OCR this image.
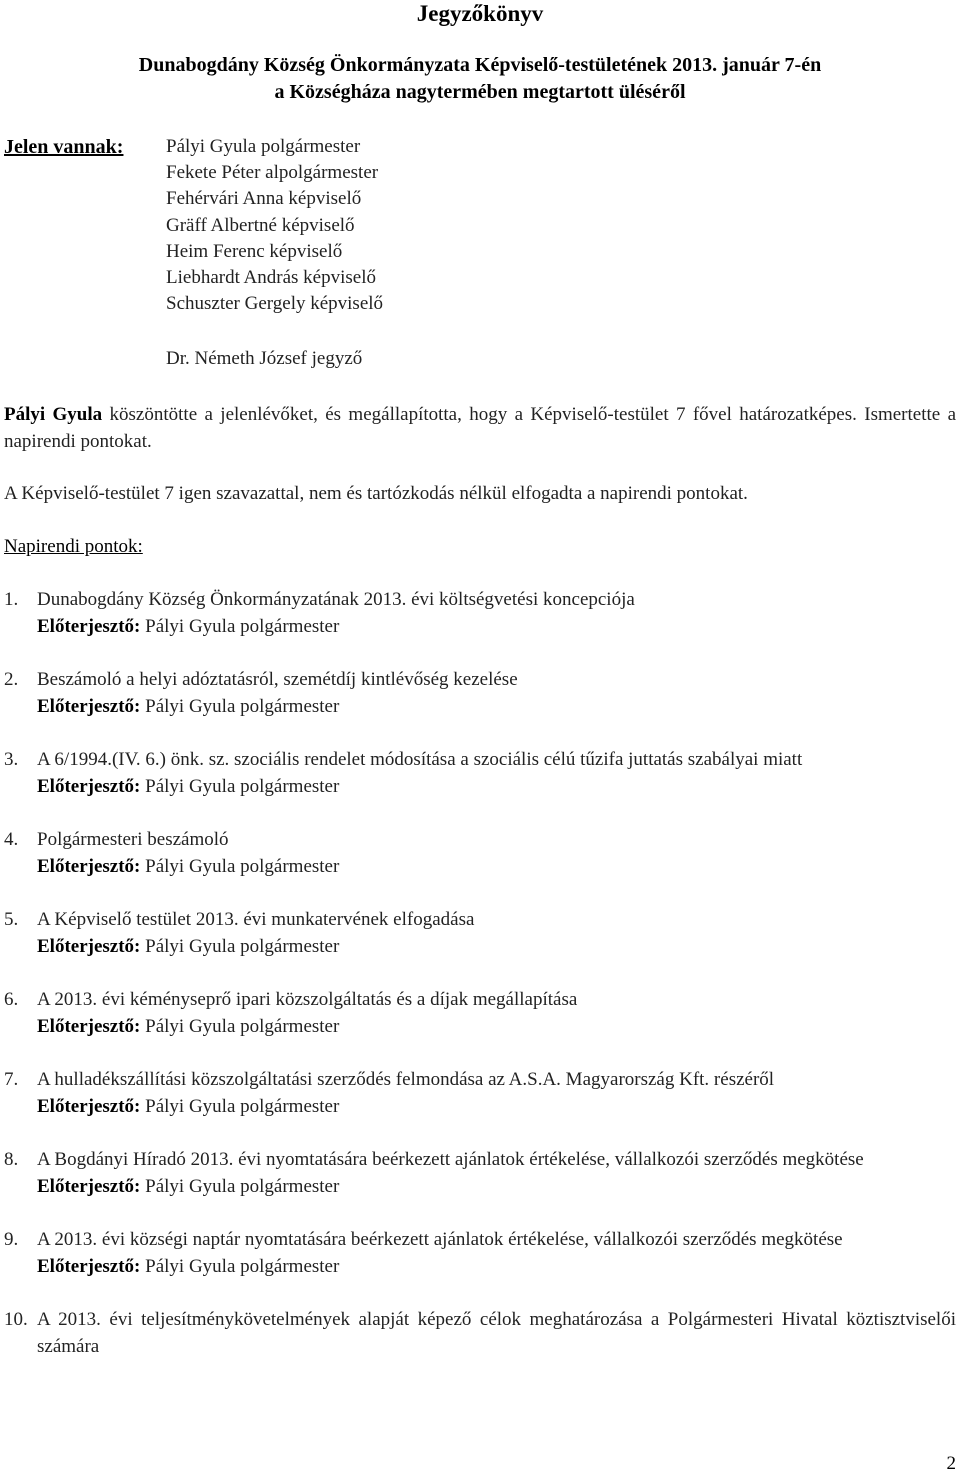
Jegyzőkönyv
Dunabogdány Község Önkormányzata Képviselő-testületének 2013. január 7-én
a Községháza nagytermében megtartott üléséről
Jelen vannak: Pályi Gyula polgármester
Fekete Péter alpolgármester
Fehérvári Anna képviselő
Gräff Albertné képviselő
Heim Ferenc képviselő
Liebhardt András képviselő
Schuszter Gergely képviselő
Dr. Németh József jegyző
Pályi Gyula köszöntötte a jelenlévőket, és megállapította, hogy a Képviselő-testület 7 fővel határozatképes. Ismertette a napirendi pontokat.
A Képviselő-testület 7 igen szavazattal, nem és tartózkodás nélkül elfogadta a napirendi pontokat.
Napirendi pontok:
1. Dunabogdány Község Önkormányzatának 2013. évi költségvetési koncepciója
Előterjesztő: Pályi Gyula polgármester
2. Beszámoló a helyi adóztatásról, szemétdíj kintlévőség kezelése
Előterjesztő: Pályi Gyula polgármester
3. A 6/1994.(IV. 6.) önk. sz. szociális rendelet módosítása a szociális célú tűzifa juttatás szabályai miatt
Előterjesztő: Pályi Gyula polgármester
4. Polgármesteri beszámoló
Előterjesztő: Pályi Gyula polgármester
5. A Képviselő testület 2013. évi munkatervének elfogadása
Előterjesztő: Pályi Gyula polgármester
6. A 2013. évi kéményseprő ipari közszolgáltatás és a díjak megállapítása
Előterjesztő: Pályi Gyula polgármester
7. A hulladékszállítási közszolgáltatási szerződés felmondása az A.S.A. Magyarország Kft. részéről
Előterjesztő: Pályi Gyula polgármester
8. A Bogdányi Híradó 2013. évi nyomtatására beérkezett ajánlatok értékelése, vállalkozói szerződés megkötése
Előterjesztő: Pályi Gyula polgármester
9. A 2013. évi községi naptár nyomtatására beérkezett ajánlatok értékelése, vállalkozói szerződés megkötése
Előterjesztő: Pályi Gyula polgármester
10. A 2013. évi teljesítménykövetelmények alapját képező célok meghatározása a Polgármesteri Hivatal köztisztviselői számára
2
